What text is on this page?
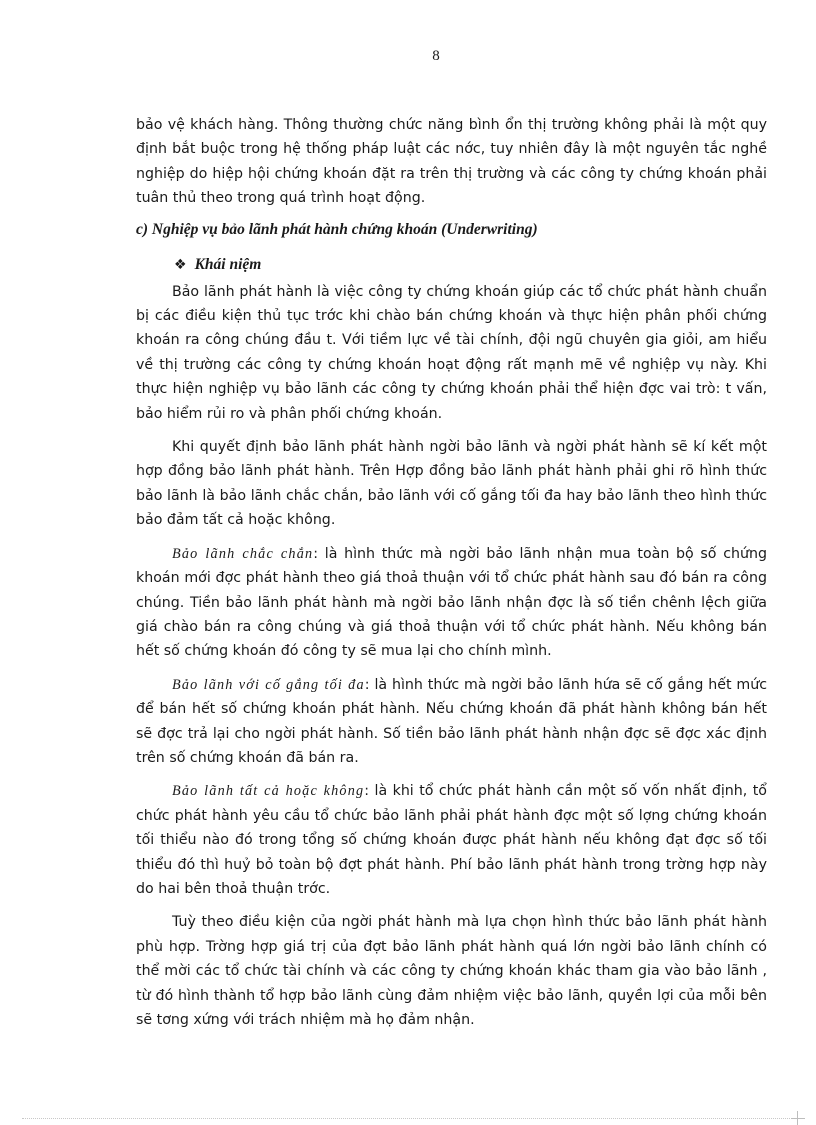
8

bảo vệ khách hàng. Thông thường chức năng bình ổn thị trường không phải là một quy định bắt buộc trong hệ thống pháp luật các nớc, tuy nhiên đây là một nguyên tắc nghề nghiệp do hiệp hội chứng khoán đặt ra trên thị trường và các công ty chứng khoán phải tuân thủ theo trong quá trình hoạt động.

c) Nghiệp vụ bảo lãnh phát hành chứng khoán (Underwriting)

❖ Khái niệm

Bảo lãnh phát hành là việc công ty chứng khoán giúp các tổ chức phát hành chuẩn bị các điều kiện thủ tục trớc khi chào bán chứng khoán và thực hiện phân phối chứng khoán ra công chúng đầu t. Với tiềm lực về tài chính, đội ngũ chuyên gia giỏi, am hiểu về thị trường các công ty chứng khoán hoạt động rất mạnh mẽ về nghiệp vụ này. Khi thực hiện nghiệp vụ bảo lãnh các công ty chứng khoán phải thể hiện đợc vai trò: t vấn, bảo hiểm rủi ro và phân phối chứng khoán.

Khi quyết định bảo lãnh phát hành ngời bảo lãnh và ngời phát hành sẽ kí kết một hợp đồng bảo lãnh phát hành. Trên Hợp đồng bảo lãnh phát hành phải ghi rõ hình thức bảo lãnh là bảo lãnh chắc chắn, bảo lãnh với cố gắng tối đa hay bảo lãnh theo hình thức bảo đảm tất cả hoặc không.

Bảo lãnh chắc chắn: là hình thức mà ngời bảo lãnh nhận mua toàn bộ số chứng khoán mới đợc phát hành theo giá thoả thuận với tổ chức phát hành sau đó bán ra công chúng. Tiền bảo lãnh phát hành mà ngời bảo lãnh nhận đợc là số tiền chênh lệch giữa giá chào bán ra công chúng và giá thoả thuận với tổ chức phát hành. Nếu không bán hết số chứng khoán đó công ty sẽ mua lại cho chính mình.

Bảo lãnh với cố gắng tối đa: là hình thức mà ngời bảo lãnh hứa sẽ cố gắng hết mức để bán hết số chứng khoán phát hành. Nếu chứng khoán đã phát hành không bán hết sẽ đợc trả lại cho ngời phát hành. Số tiền bảo lãnh phát hành nhận đợc sẽ đợc xác định trên số chứng khoán đã bán ra.

Bảo lãnh tất cả hoặc không: là khi tổ chức phát hành cần một số vốn nhất định, tổ chức phát hành yêu cầu tổ chức bảo lãnh phải phát hành đợc một số lợng chứng khoán tối thiểu nào đó trong tổng số chứng khoán được phát hành nếu không đạt đợc số tối thiểu đó thì huỷ bỏ toàn bộ đợt phát hành. Phí bảo lãnh phát hành trong trờng hợp này do hai bên thoả thuận trớc.

Tuỳ theo điều kiện của ngời phát hành mà lựa chọn hình thức bảo lãnh phát hành phù hợp. Trờng hợp giá trị của đợt bảo lãnh phát hành quá lớn ngời bảo lãnh chính có thể mời các tổ chức tài chính và các công ty chứng khoán khác tham gia vào bảo lãnh , từ đó hình thành tổ hợp bảo lãnh cùng đảm nhiệm việc bảo lãnh, quyền lợi của mỗi bên sẽ tơng xứng với trách nhiệm mà họ đảm nhận.
